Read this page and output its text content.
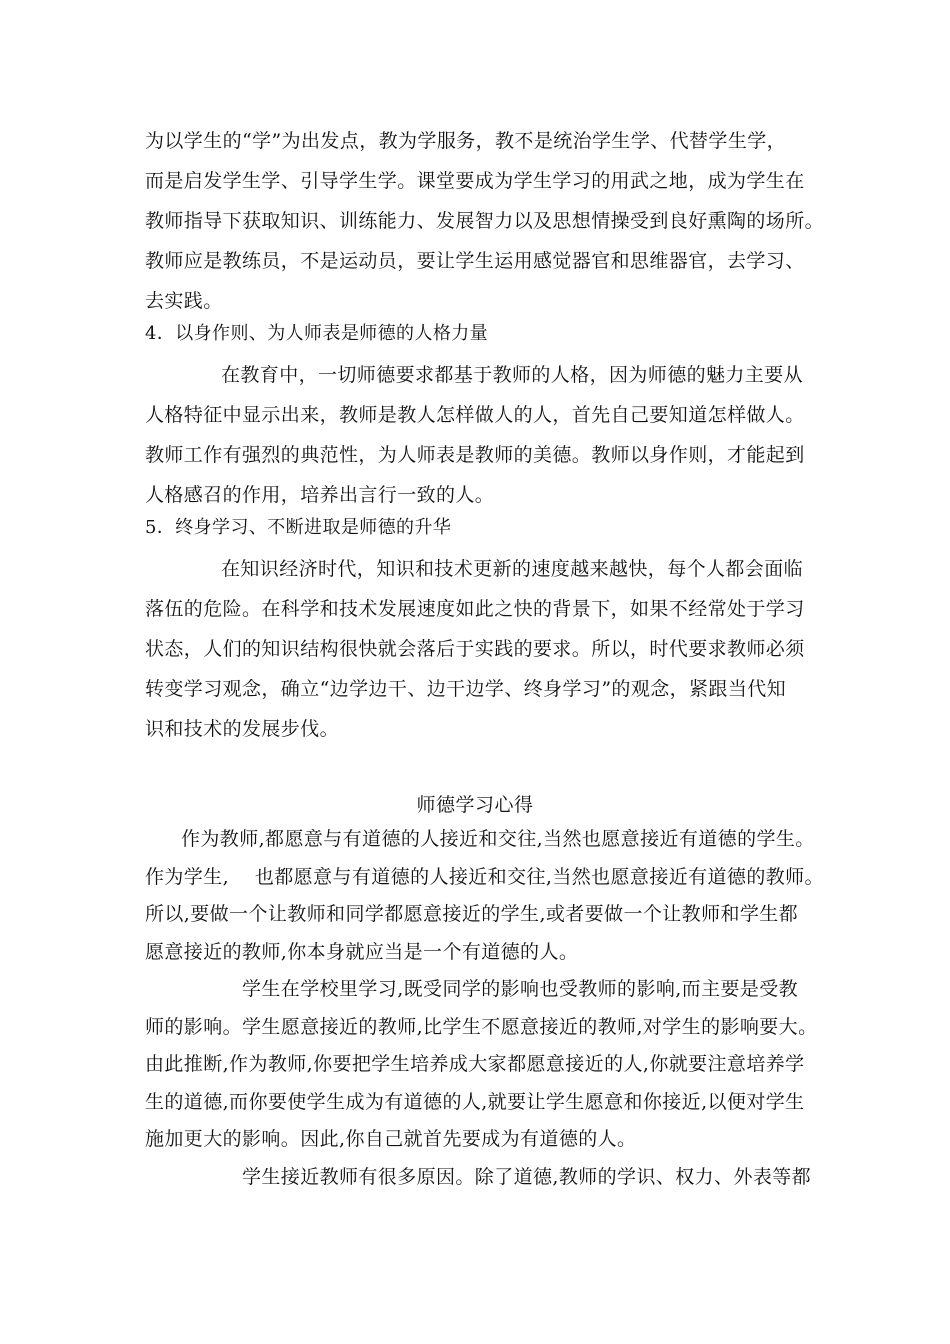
为以学生的“学”为出发点，教为学服务，教不是统治学生学、代替学生学，
而是启发学生学、引导学生学。课堂要成为学生学习的用武之地，成为学生在
教师指导下获取知识、训练能力、发展智力以及思想情操受到良好熏陶的场所。
教师应是教练员，不是运动员，要让学生运用感觉器官和思维器官，去学习、
去实践。
4．以身作则、为人师表是师德的人格力量
在教育中，一切师德要求都基于教师的人格，因为师德的魅力主要从
人格特征中显示出来，教师是教人怎样做人的人，首先自己要知道怎样做人。
教师工作有强烈的典范性，为人师表是教师的美德。教师以身作则，才能起到
人格感召的作用，培养出言行一致的人。
5．终身学习、不断进取是师德的升华
在知识经济时代，知识和技术更新的速度越来越快，每个人都会面临
落伍的危险。在科学和技术发展速度如此之快的背景下，如果不经常处于学习
状态，人们的知识结构很快就会落后于实践的要求。所以，时代要求教师必须
转变学习观念，确立“边学边干、边干边学、终身学习”的观念，紧跟当代知
识和技术的发展步伐。
师德学习心得
作为教师,都愿意与有道德的人接近和交往,当然也愿意接近有道德的学生。
作为学生,　 也都愿意与有道德的人接近和交往,当然也愿意接近有道德的教师。
所以,要做一个让教师和同学都愿意接近的学生,或者要做一个让教师和学生都
愿意接近的教师,你本身就应当是一个有道德的人。
学生在学校里学习,既受同学的影响也受教师的影响,而主要是受教
师的影响。学生愿意接近的教师,比学生不愿意接近的教师,对学生的影响要大。
由此推断,作为教师,你要把学生培养成大家都愿意接近的人,你就要注意培养学
生的道德,而你要使学生成为有道德的人,就要让学生愿意和你接近,以便对学生
施加更大的影响。因此,你自己就首先要成为有道德的人。
学生接近教师有很多原因。除了道德,教师的学识、权力、外表等都
